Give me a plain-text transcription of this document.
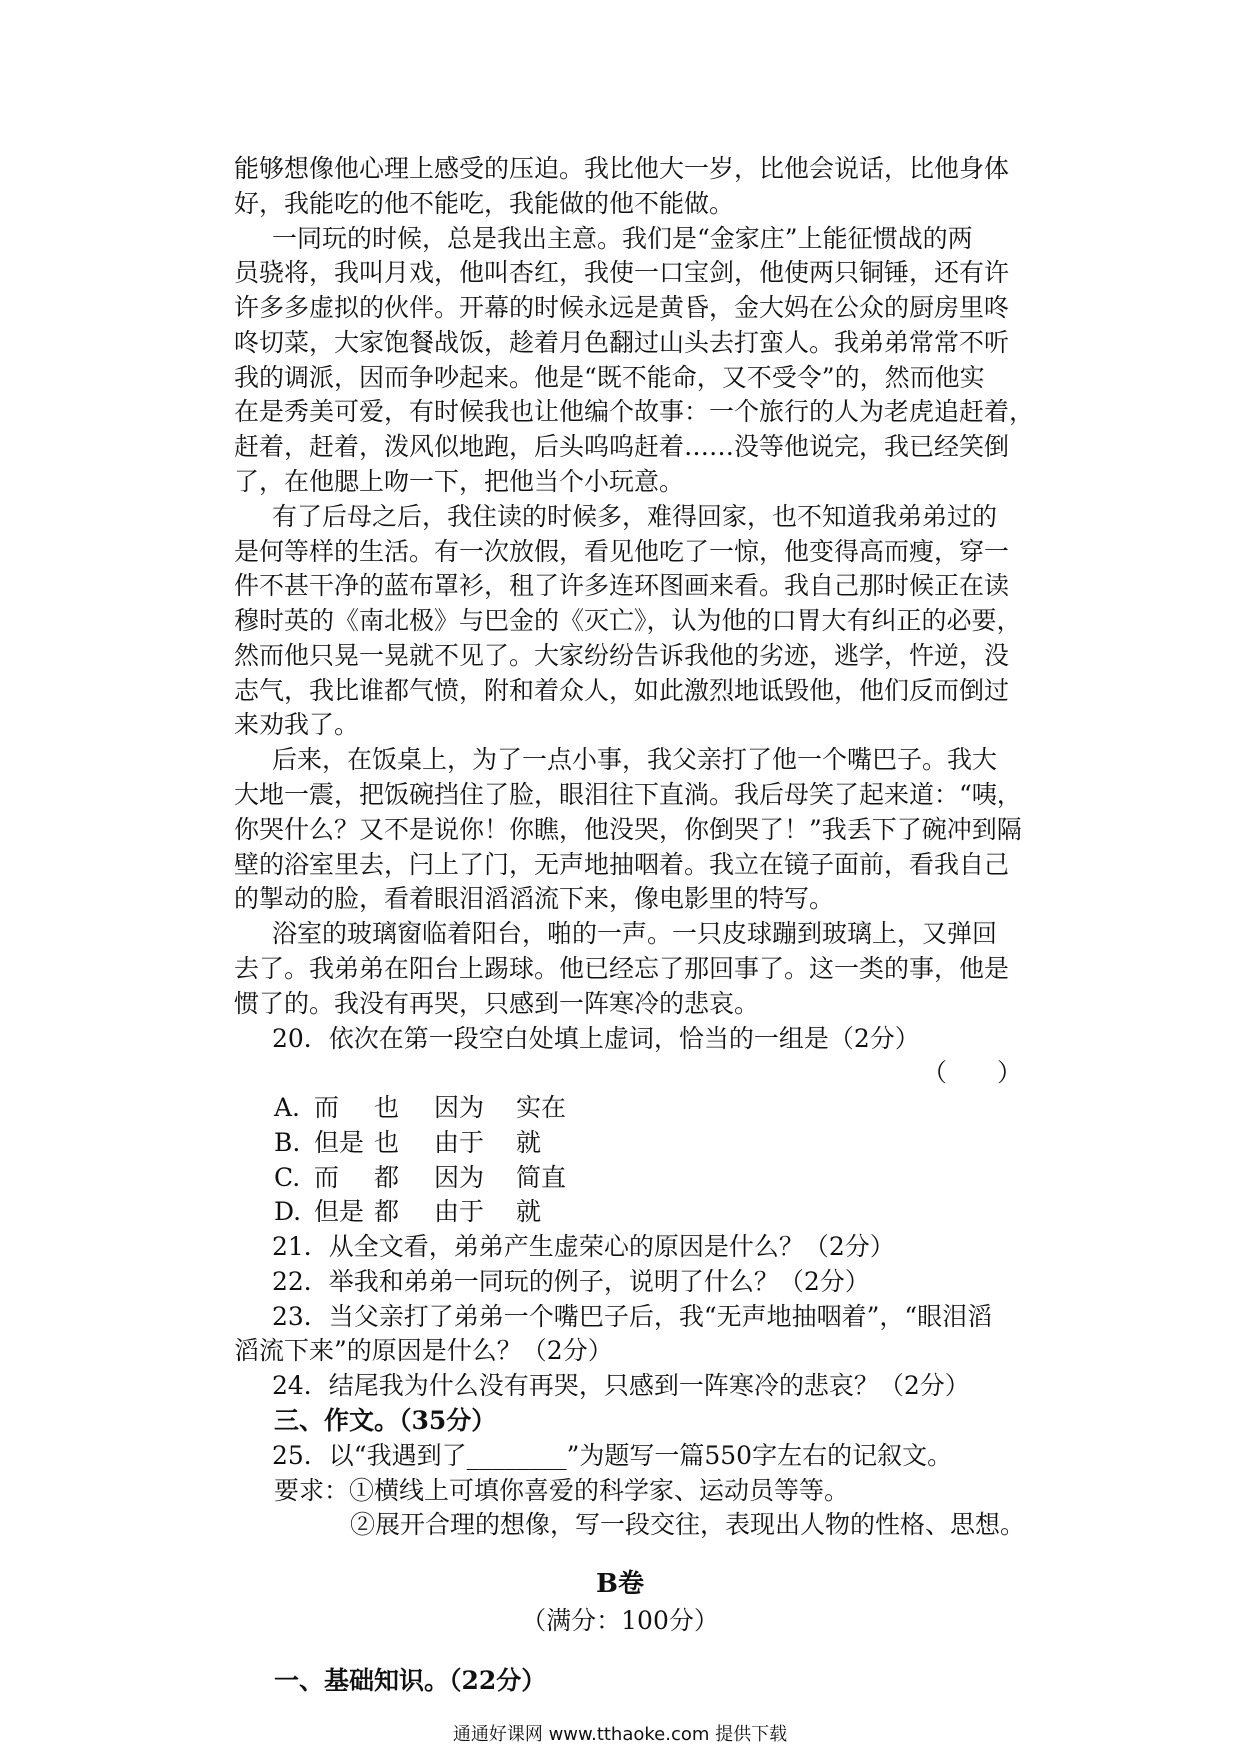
能够想像他心理上感受的压迫。我比他大一岁，比他会说话，比他身体
好，我能吃的他不能吃，我能做的他不能做。
一同玩的时候，总是我出主意。我们是“金家庄”上能征惯战的两
员骁将，我叫月戏，他叫杏红，我使一口宝剑，他使两只铜锤，还有许
许多多虚拟的伙伴。开幕的时候永远是黄昏，金大妈在公众的厨房里咚
咚切菜，大家饱餐战饭，趁着月色翻过山头去打蛮人。我弟弟常常不听
我的调派，因而争吵起来。他是“既不能命，又不受令”的，然而他实
在是秀美可爱，有时候我也让他编个故事：一个旅行的人为老虎追赶着，
赶着，赶着，泼风似地跑，后头呜呜赶着……没等他说完，我已经笑倒
了，在他腮上吻一下，把他当个小玩意。
有了后母之后，我住读的时候多，难得回家，也不知道我弟弟过的
是何等样的生活。有一次放假，看见他吃了一惊，他变得高而瘦，穿一
件不甚干净的蓝布罩衫，租了许多连环图画来看。我自己那时候正在读
穆时英的《南北极》与巴金的《灭亡》，认为他的口胃大有纠正的必要，
然而他只晃一晃就不见了。大家纷纷告诉我他的劣迹，逃学，忤逆，没
志气，我比谁都气愤，附和着众人，如此激烈地诋毁他，他们反而倒过
来劝我了。
后来，在饭桌上，为了一点小事，我父亲打了他一个嘴巴子。我大
大地一震，把饭碗挡住了脸，眼泪往下直淌。我后母笑了起来道：“咦，
你哭什么？又不是说你！你瞧，他没哭，你倒哭了！”我丢下了碗冲到隔
壁的浴室里去，闩上了门，无声地抽咽着。我立在镜子面前，看我自己
的掣动的脸，看着眼泪滔滔流下来，像电影里的特写。
浴室的玻璃窗临着阳台，啪的一声。一只皮球蹦到玻璃上，又弹回
去了。我弟弟在阳台上踢球。他已经忘了那回事了。这一类的事，他是
惯了的。我没有再哭，只感到一阵寒冷的悲哀。
20．依次在第一段空白处填上虚词，恰当的一组是（2分）
（　　）
A. 而 也 因为 实在
B. 但是 也 由于 就
C. 而 都 因为 简直
D. 但是 都 由于 就
21．从全文看，弟弟产生虚荣心的原因是什么？（2分）
22．举我和弟弟一同玩的例子，说明了什么？（2分）
23．当父亲打了弟弟一个嘴巴子后，我“无声地抽咽着”，“眼泪滔
滔流下来”的原因是什么？（2分）
24．结尾我为什么没有再哭，只感到一阵寒冷的悲哀？（2分）
三、作文。（35分）
25．以“我遇到了________”为题写一篇550字左右的记叙文。
要求：①横线上可填你喜爱的科学家、运动员等等。
②展开合理的想像，写一段交往，表现出人物的性格、思想。
B卷
（满分：100分）
一、基础知识。（22分）
通通好课网 www.tthaoke.com 提供下载
